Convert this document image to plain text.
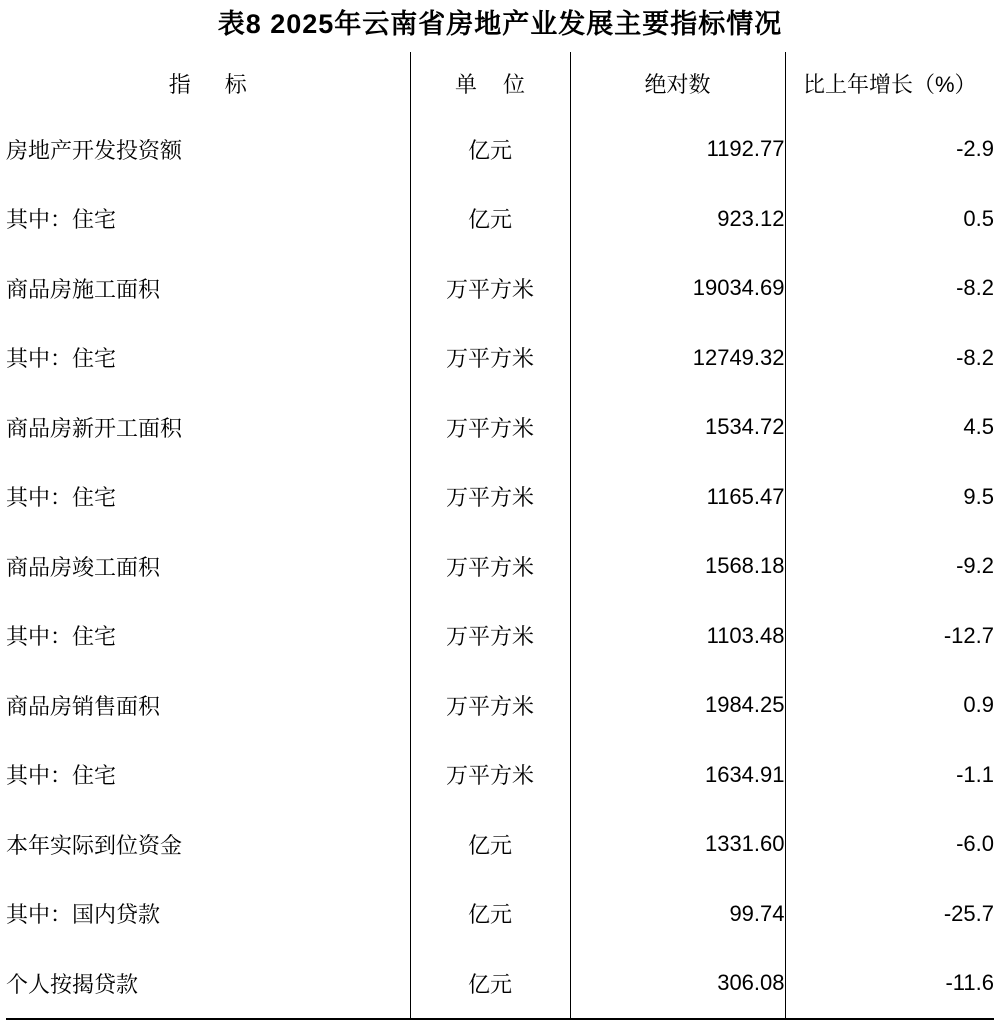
表8 2025年云南省房地产业发展主要指标情况
指 标	单 位	绝对数	比上年增长（%）
房地产开发投资额	亿元	1192.77	-2.9
其中：住宅	亿元	923.12	0.5
商品房施工面积	万平方米	19034.69	-8.2
其中：住宅	万平方米	12749.32	-8.2
商品房新开工面积	万平方米	1534.72	4.5
其中：住宅	万平方米	1165.47	9.5
商品房竣工面积	万平方米	1568.18	-9.2
其中：住宅	万平方米	1103.48	-12.7
商品房销售面积	万平方米	1984.25	0.9
其中：住宅	万平方米	1634.91	-1.1
本年实际到位资金	亿元	1331.60	-6.0
其中：国内贷款	亿元	99.74	-25.7
个人按揭贷款	亿元	306.08	-11.6
